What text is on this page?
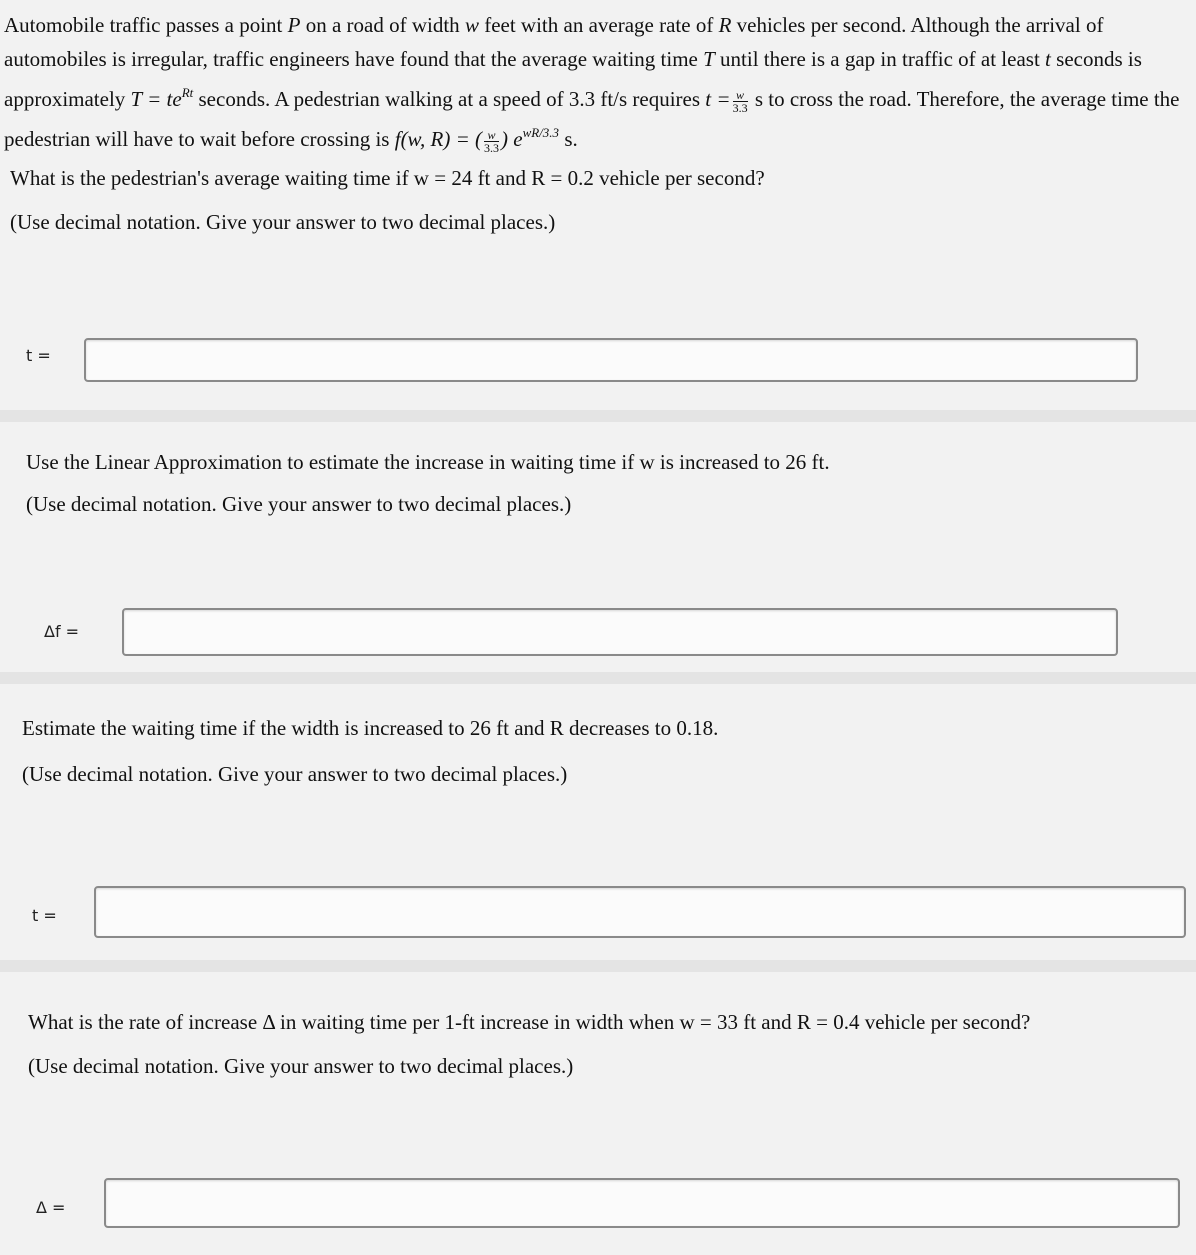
Automobile traffic passes a point P on a road of width w feet with an average rate of R vehicles per second. Although the arrival of automobiles is irregular, traffic engineers have found that the average waiting time T until there is a gap in traffic of at least t seconds is approximately $T = te^{Rt}$ seconds. A pedestrian walking at a speed of 3.3 ft/s requires $t = \frac{w}{3.3}$ s to cross the road. Therefore, the average time the pedestrian will have to wait before crossing is f(w, R) = ( $\frac{w}{3.3}$ ) $e^{wR/3.3}$ s.

What is the pedestrian's average waiting time if w = 24 ft and R = 0.2 vehicle per second?

(Use decimal notation. Give your answer to two decimal places.)

t =

Use the Linear Approximation to estimate the increase in waiting time if w is increased to 26 ft.

(Use decimal notation. Give your answer to two decimal places.)

Δf =

Estimate the waiting time if the width is increased to 26 ft and R decreases to 0.18.

(Use decimal notation. Give your answer to two decimal places.)

t =

What is the rate of increase Δ in waiting time per 1-ft increase in width when w = 33 ft and R = 0.4 vehicle per second?

(Use decimal notation. Give your answer to two decimal places.)

Δ =
